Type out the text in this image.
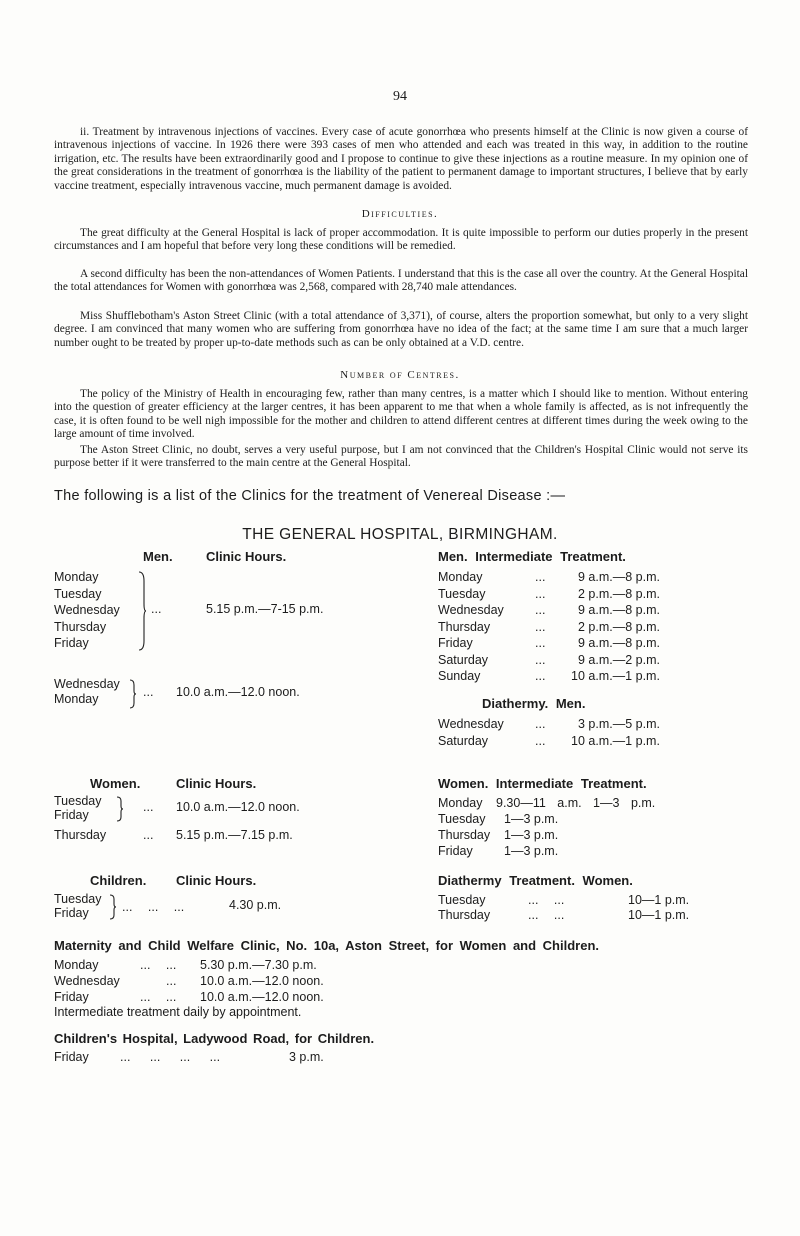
94

ii. Treatment by intravenous injections of vaccines. Every case of acute gonorrhœa who presents himself at the Clinic is now given a course of intravenous injections of vaccine. In 1926 there were 393 cases of men who attended and each was treated in this way, in addition to the routine irrigation, etc. The results have been extraordinarily good and I propose to continue to give these injections as a routine measure. In my opinion one of the great considerations in the treatment of gonorrhœa is the liability of the patient to permanent damage to important structures, I believe that by early vaccine treatment, especially intravenous vaccine, much permanent damage is avoided.

Difficulties.

The great difficulty at the General Hospital is lack of proper accommodation. It is quite impossible to perform our duties properly in the present circumstances and I am hopeful that before very long these conditions will be remedied.

A second difficulty has been the non-attendances of Women Patients. I understand that this is the case all over the country. At the General Hospital the total attendances for Women with gonorrhœa was 2,568, compared with 28,740 male attendances.

Miss Shufflebotham's Aston Street Clinic (with a total attendance of 3,371), of course, alters the proportion somewhat, but only to a very slight degree. I am convinced that many women who are suffering from gonorrhœa have no idea of the fact; at the same time I am sure that a much larger number ought to be treated by proper up-to-date methods such as can be only obtained at a V.D. centre.

Number of Centres.

The policy of the Ministry of Health in encouraging few, rather than many centres, is a matter which I should like to mention. Without entering into the question of greater efficiency at the larger centres, it has been apparent to me that when a whole family is affected, as is not infrequently the case, it is often found to be well nigh impossible for the mother and children to attend different centres at different times during the week owing to the large amount of time involved.

The Aston Street Clinic, no doubt, serves a very useful purpose, but I am not convinced that the Children's Hospital Clinic would not serve its purpose better if it were transferred to the main centre at the General Hospital.

The following is a list of the Clinics for the treatment of Venereal Disease :—
THE GENERAL HOSPITAL, BIRMINGHAM.
Men.	Clinic Hours.
Monday
Tuesday
Wednesday
Thursday
Friday
...	5.15 p.m.—7-15 p.m.
Wednesday
Monday	... 10.0 a.m.—12.0 noon.
Men. Intermediate Treatment.
Monday	...	9 a.m.—8 p.m.
Tuesday	...	2 p.m.—8 p.m.
Wednesday ...	9 a.m.—8 p.m.
Thursday	...	2 p.m.—8 p.m.
Friday	...	9 a.m.—8 p.m.
Saturday	...	9 a.m.—2 p.m.
Sunday	... 10 a.m.—1 p.m.
Diathermy. Men.
Wednesday ...	3 p.m.—5 p.m.
Saturday	... 10 a.m.—1 p.m.
Women.	Clinic Hours.
Tuesday
Friday
... 10.0 a.m.—12.0 noon.
Thursday	... 5.15 p.m.—7.15 p.m.
Women. Intermediate Treatment.
Monday 9.30—11 a.m. 1—3 p.m.
Tuesday 1—3 p.m.
Thursday 1—3 p.m.
Friday	1—3 p.m.
Children. Clinic Hours.
Tuesday
Friday	... ... ...	4.30 p.m.
Diathermy Treatment. Women.
Tuesday	... ...	10—1 p.m.
Thursday	... ...	10—1 p.m.
Maternity and Child Welfare Clinic, No. 10a, Aston Street, for Women and Children.
Monday	... ... 5.30 p.m.—7.30 p.m.
Wednesday	... 10.0 a.m.—12.0 noon.
Friday	... ... 10.0 a.m.—12.0 noon.
Intermediate treatment daily by appointment.
Children's Hospital, Ladywood Road, for Children.
Friday	... ... ... ...	3 p.m.
